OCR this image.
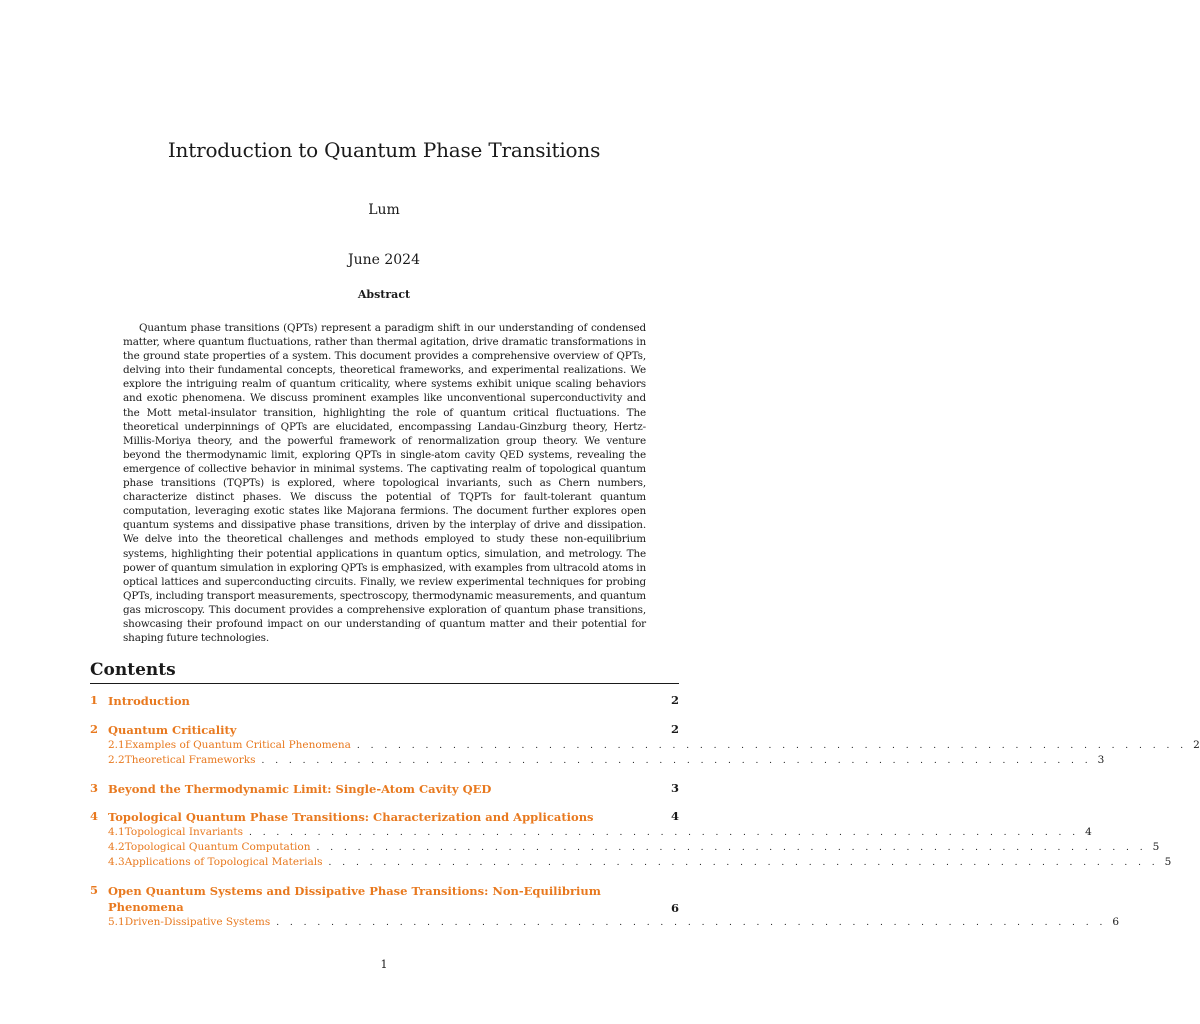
Introduction to Quantum Phase Transitions
Lum
June 2024
Abstract

Quantum phase transitions (QPTs) represent a paradigm shift in our understanding of condensed matter, where quantum fluctuations, rather than thermal agitation, drive dramatic transformations in the ground state properties of a system. This document provides a comprehensive overview of QPTs, delving into their fundamental concepts, theoretical frameworks, and experimental realizations. We explore the intriguing realm of quantum criticality, where systems exhibit unique scaling behaviors and exotic phenomena. We discuss prominent examples like unconventional superconductivity and the Mott metal-insulator transition, highlighting the role of quantum critical fluctuations. The theoretical underpinnings of QPTs are elucidated, encompassing Landau-Ginzburg theory, Hertz-Millis-Moriya theory, and the powerful framework of renormalization group theory. We venture beyond the thermodynamic limit, exploring QPTs in single-atom cavity QED systems, revealing the emergence of collective behavior in minimal systems. The captivating realm of topological quantum phase transitions (TQPTs) is explored, where topological invariants, such as Chern numbers, characterize distinct phases. We discuss the potential of TQPTs for fault-tolerant quantum computation, leveraging exotic states like Majorana fermions. The document further explores open quantum systems and dissipative phase transitions, driven by the interplay of drive and dissipation. We delve into the theoretical challenges and methods employed to study these non-equilibrium systems, highlighting their potential applications in quantum optics, simulation, and metrology. The power of quantum simulation in exploring QPTs is emphasized, with examples from ultracold atoms in optical lattices and superconducting circuits. Finally, we review experimental techniques for probing QPTs, including transport measurements, spectroscopy, thermodynamic measurements, and quantum gas microscopy. This document provides a comprehensive exploration of quantum phase transitions, showcasing their profound impact on our understanding of quantum matter and their potential for shaping future technologies.

Contents
1 Introduction	2
2 Quantum Criticality	2
2.1 Examples of Quantum Critical Phenomena . . . . . . . . . . . . . . . . . . . . . . . . . . . . . . . . . . . . . . . . . . . . . . . . . . . . . . . . . . . . . 2
2.2 Theoretical Frameworks . . . . . . . . . . . . . . . . . . . . . . . . . . . . . . . . . . . . . . . . . . . . . . . . . . . . . . . . . . . . . 3
3 Beyond the Thermodynamic Limit: Single-Atom Cavity QED	3
4 Topological Quantum Phase Transitions: Characterization and Applications	4
4.1 Topological Invariants . . . . . . . . . . . . . . . . . . . . . . . . . . . . . . . . . . . . . . . . . . . . . . . . . . . . . . . . . . . . . 4
4.2 Topological Quantum Computation . . . . . . . . . . . . . . . . . . . . . . . . . . . . . . . . . . . . . . . . . . . . . . . . . . . . . . . . . . . . . 5
4.3 Applications of Topological Materials . . . . . . . . . . . . . . . . . . . . . . . . . . . . . . . . . . . . . . . . . . . . . . . . . . . . . . . . . . . . . 5
5 Open Quantum Systems and Dissipative Phase Transitions: Non-Equilibrium Phenomena	6
5.1 Driven-Dissipative Systems . . . . . . . . . . . . . . . . . . . . . . . . . . . . . . . . . . . . . . . . . . . . . . . . . . . . . . . . . . . . . 6
1
